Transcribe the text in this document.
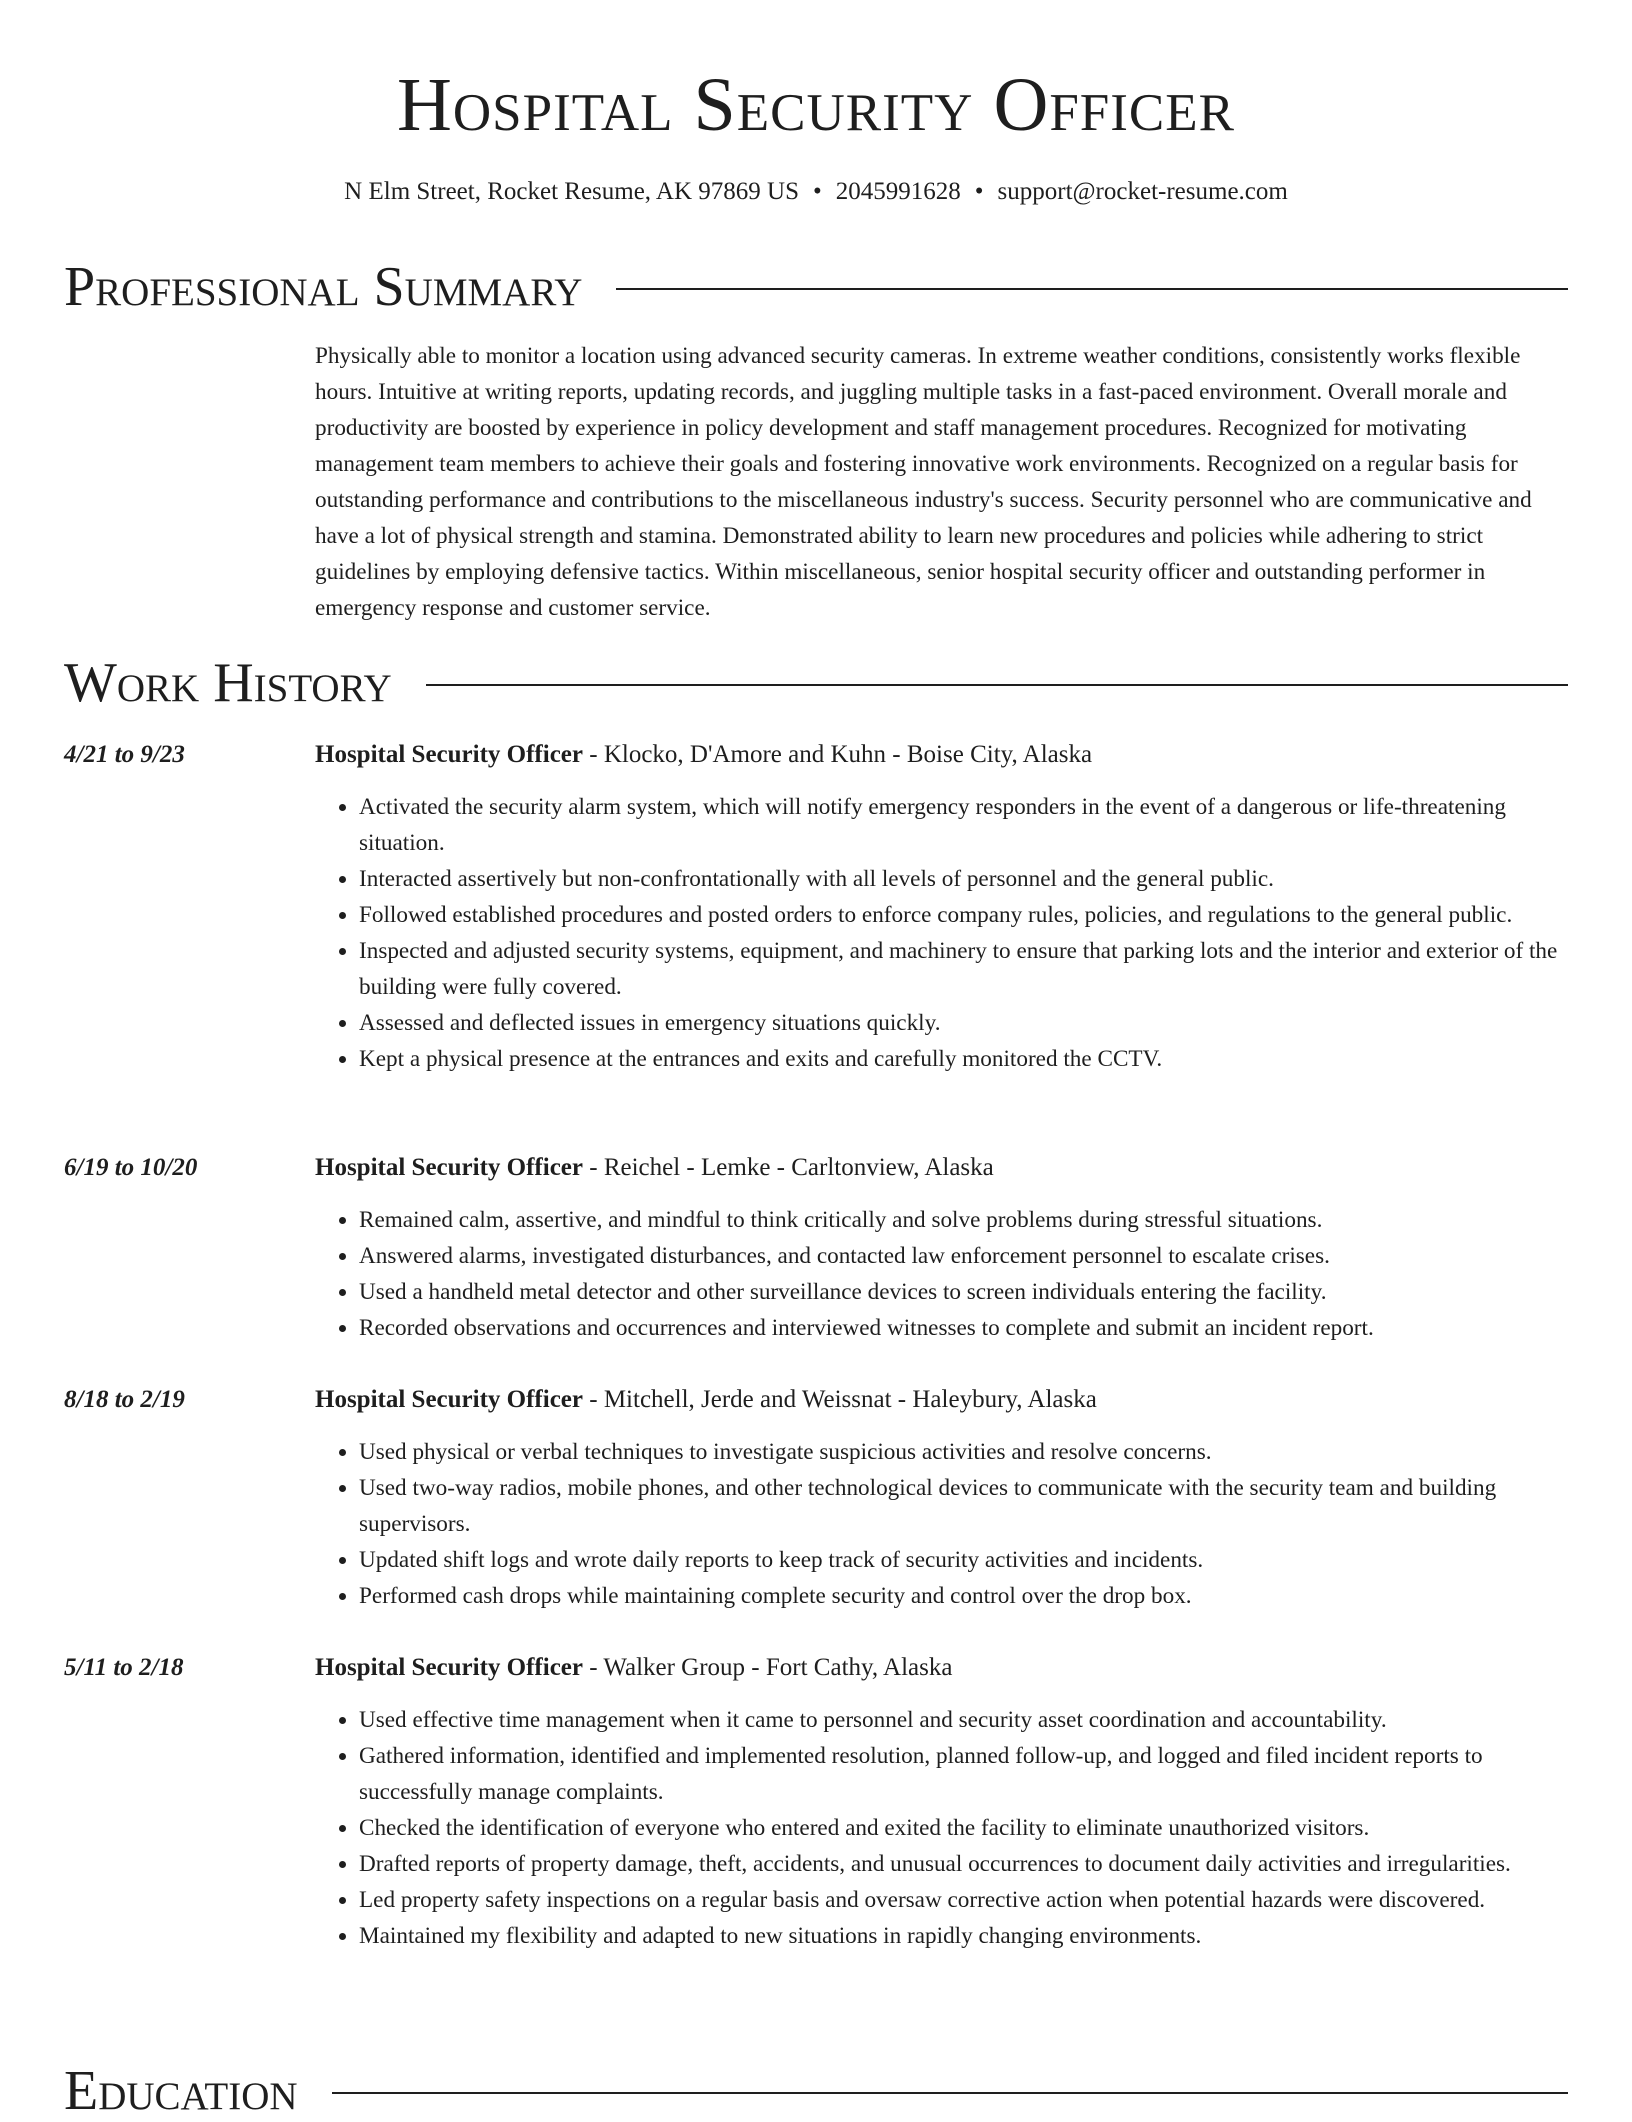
Hospital Security Officer
N Elm Street, Rocket Resume, AK 97869 US • 2045991628 • support@rocket-resume.com
Professional Summary

Physically able to monitor a location using advanced security cameras. In extreme weather conditions, consistently works flexible hours. Intuitive at writing reports, updating records, and juggling multiple tasks in a fast-paced environment. Overall morale and productivity are boosted by experience in policy development and staff management procedures. Recognized for motivating management team members to achieve their goals and fostering innovative work environments. Recognized on a regular basis for outstanding performance and contributions to the miscellaneous industry's success. Security personnel who are communicative and have a lot of physical strength and stamina. Demonstrated ability to learn new procedures and policies while adhering to strict guidelines by employing defensive tactics. Within miscellaneous, senior hospital security officer and outstanding performer in emergency response and customer service.

Work History
4/21 to 9/23	Hospital Security Officer - Klocko, D'Amore and Kuhn - Boise City, Alaska
• Activated the security alarm system, which will notify emergency responders in the event of a dangerous or life-threatening situation.
• Interacted assertively but non-confrontationally with all levels of personnel and the general public.
• Followed established procedures and posted orders to enforce company rules, policies, and regulations to the general public.
• Inspected and adjusted security systems, equipment, and machinery to ensure that parking lots and the interior and exterior of the building were fully covered.
• Assessed and deflected issues in emergency situations quickly.
• Kept a physical presence at the entrances and exits and carefully monitored the CCTV.
6/19 to 10/20	Hospital Security Officer - Reichel - Lemke - Carltonview, Alaska
• Remained calm, assertive, and mindful to think critically and solve problems during stressful situations.
• Answered alarms, investigated disturbances, and contacted law enforcement personnel to escalate crises.
• Used a handheld metal detector and other surveillance devices to screen individuals entering the facility.
• Recorded observations and occurrences and interviewed witnesses to complete and submit an incident report.
8/18 to 2/19	Hospital Security Officer - Mitchell, Jerde and Weissnat - Haleybury, Alaska
• Used physical or verbal techniques to investigate suspicious activities and resolve concerns.
• Used two-way radios, mobile phones, and other technological devices to communicate with the security team and building supervisors.
• Updated shift logs and wrote daily reports to keep track of security activities and incidents.
• Performed cash drops while maintaining complete security and control over the drop box.
5/11 to 2/18	Hospital Security Officer - Walker Group - Fort Cathy, Alaska
• Used effective time management when it came to personnel and security asset coordination and accountability.
• Gathered information, identified and implemented resolution, planned follow-up, and logged and filed incident reports to successfully manage complaints.
• Checked the identification of everyone who entered and exited the facility to eliminate unauthorized visitors.
• Drafted reports of property damage, theft, accidents, and unusual occurrences to document daily activities and irregularities.
• Led property safety inspections on a regular basis and oversaw corrective action when potential hazards were discovered.
• Maintained my flexibility and adapted to new situations in rapidly changing environments.
Education
